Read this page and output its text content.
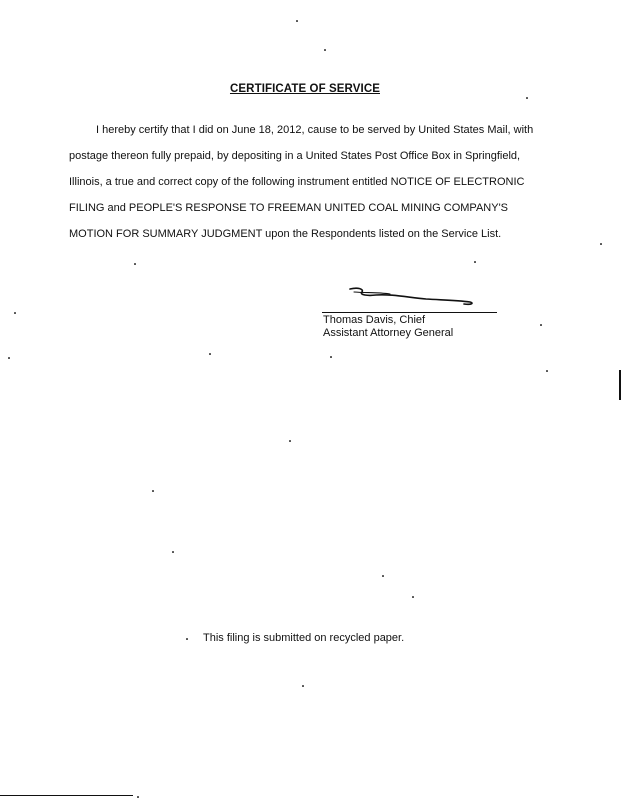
CERTIFICATE OF SERVICE
I hereby certify that I did on June 18, 2012, cause to be served by United States Mail, with
postage thereon fully prepaid, by depositing in a United States Post Office Box in Springfield,
Illinois, a true and correct copy of the following instrument entitled NOTICE OF ELECTRONIC
FILING and PEOPLE'S RESPONSE TO FREEMAN UNITED COAL MINING COMPANY'S
MOTION FOR SUMMARY JUDGMENT upon the Respondents listed on the Service List.
Thomas Davis, Chief
Assistant Attorney General
This filing is submitted on recycled paper.
